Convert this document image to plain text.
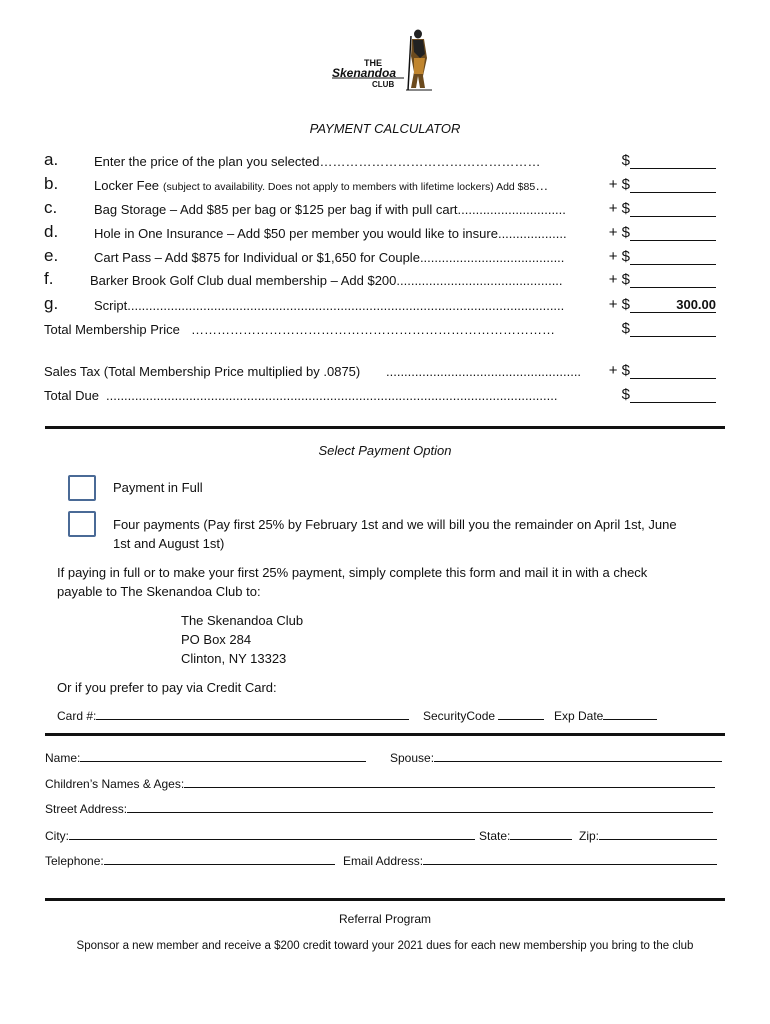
THE
Skenandoa
CLUB
PAYMENT CALCULATOR
a.	Enter the price of the plan you selected……………………………………………	$
b.	Locker Fee (subject to availability. Does not apply to members with lifetime lockers) Add $85…	+ $
c.	Bag Storage – Add $85 per bag or $125 per bag if with pull cart..............................	+ $
d.	Hole in One Insurance – Add $50 per member you would like to insure...................	+ $
e.	Cart Pass – Add $875 for Individual or $1,650 for Couple........................................	+ $
f.	Barker Brook Golf Club dual membership – Add $200..............................................	+ $
g.	Script.........................................................................................................................	+ $	300.00
Total Membership Price …………………………………………………………………………	$
Sales Tax (Total Membership Price multiplied by .0875) ...................................................... + $
Total Due .............................................................................................................................	$
Select Payment Option
Payment in Full
Four payments (Pay first 25% by February 1st and we will bill you the remainder on April 1st, June
1st and August 1st)
If paying in full or to make your first 25% payment, simply complete this form and mail it in with a check
payable to The Skenandoa Club to:
The Skenandoa Club
PO Box 284
Clinton, NY 13323
Or if you prefer to pay via Credit Card:
Card #:	SecurityCode	Exp Date
Name:	Spouse:
Children’s Names & Ages:
Street Address:
City:	State:	Zip:
Telephone:	Email Address:
Referral Program
Sponsor a new member and receive a $200 credit toward your 2021 dues for each new membership you bring to the club
